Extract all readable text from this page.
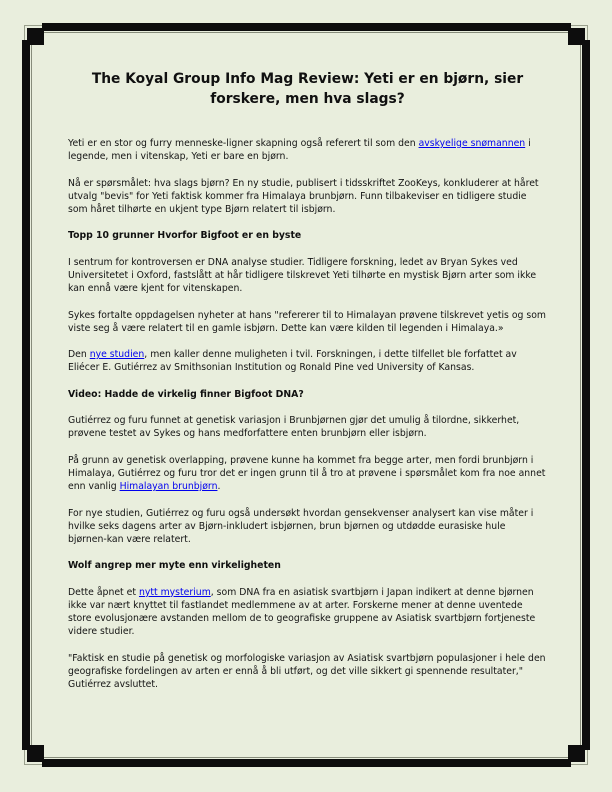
The Koyal Group Info Mag Review: Yeti er en bjørn, sier forskere, men hva slags?

Yeti er en stor og furry menneske-ligner skapning også referert til som den avskyelige snømannen i legende, men i vitenskap, Yeti er bare en bjørn.

Nå er spørsmålet: hva slags bjørn? En ny studie, publisert i tidsskriftet ZooKeys, konkluderer at håret utvalg "bevis" for Yeti faktisk kommer fra Himalaya brunbjørn. Funn tilbakeviser en tidligere studie som håret tilhørte en ukjent type Bjørn relatert til isbjørn.

Topp 10 grunner Hvorfor Bigfoot er en byste

I sentrum for kontroversen er DNA analyse studier. Tidligere forskning, ledet av Bryan Sykes ved Universitetet i Oxford, fastslått at hår tidligere tilskrevet Yeti tilhørte en mystisk Bjørn arter som ikke kan ennå være kjent for vitenskapen.

Sykes fortalte oppdagelsen nyheter at hans "refererer til to Himalayan prøvene tilskrevet yetis og som viste seg å være relatert til en gamle isbjørn. Dette kan være kilden til legenden i Himalaya.»

Den nye studien, men kaller denne muligheten i tvil. Forskningen, i dette tilfellet ble forfattet av Eliécer E. Gutiérrez av Smithsonian Institution og Ronald Pine ved University of Kansas.

Video: Hadde de virkelig finner Bigfoot DNA?

Gutiérrez og furu funnet at genetisk variasjon i Brunbjørnen gjør det umulig å tilordne, sikkerhet, prøvene testet av Sykes og hans medforfattere enten brunbjørn eller isbjørn.

På grunn av genetisk overlapping, prøvene kunne ha kommet fra begge arter, men fordi brunbjørn i Himalaya, Gutiérrez og furu tror det er ingen grunn til å tro at prøvene i spørsmålet kom fra noe annet enn vanlig Himalayan brunbjørn.

For nye studien, Gutiérrez og furu også undersøkt hvordan gensekvenser analysert kan vise måter i hvilke seks dagens arter av Bjørn-inkludert isbjørnen, brun bjørnen og utdødde eurasiske hule bjørnen-kan være relatert.

Wolf angrep mer myte enn virkeligheten

Dette åpnet et nytt mysterium, som DNA fra en asiatisk svartbjørn i Japan indikert at denne bjørnen ikke var nært knyttet til fastlandet medlemmene av at arter. Forskerne mener at denne uventede store evolusjonære avstanden mellom de to geografiske gruppene av Asiatisk svartbjørn fortjeneste videre studier.

"Faktisk en studie på genetisk og morfologiske variasjon av Asiatisk svartbjørn populasjoner i hele den geografiske fordelingen av arten er ennå å bli utført, og det ville sikkert gi spennende resultater," Gutiérrez avsluttet.
